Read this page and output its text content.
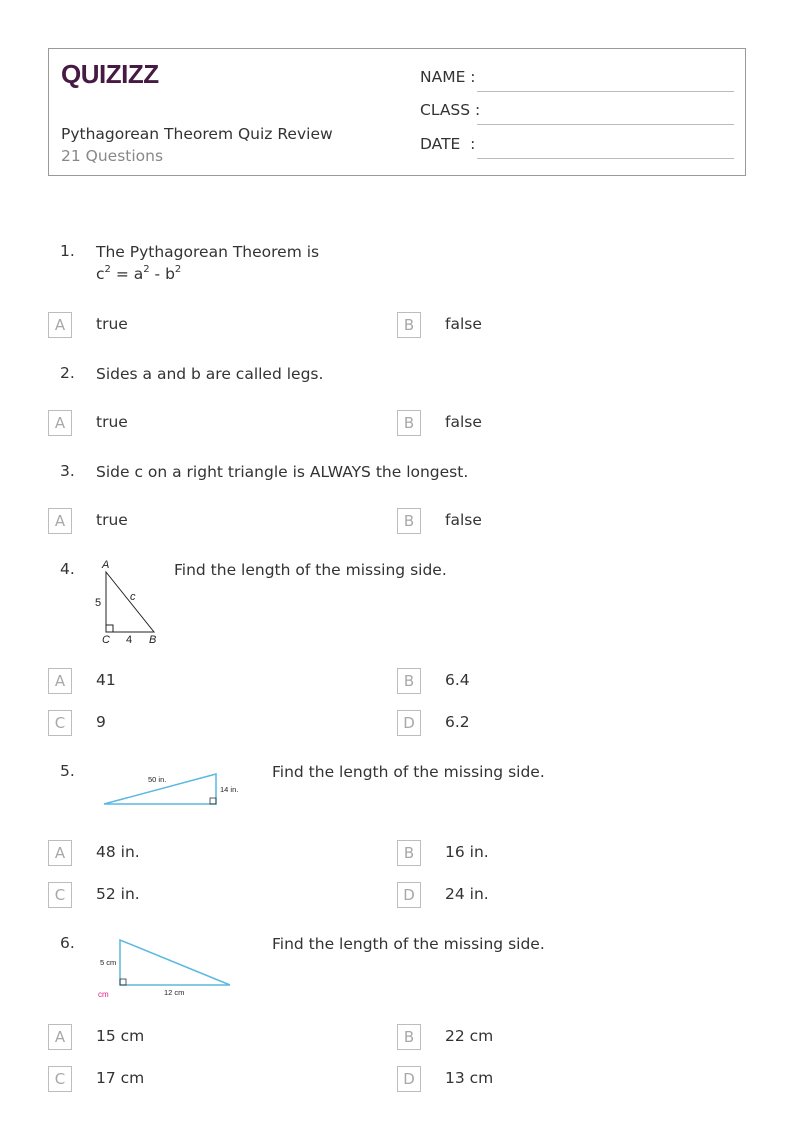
QUIZIZZ
Pythagorean Theorem Quiz Review
21 Questions
NAME :
CLASS :
DATE  :
1. The Pythagorean Theorem is
$c^2 = a^2 - b^2$
A	true	B	false
2. Sides a and b are called legs.
A	true	B	false
3. Side c on a right triangle is ALWAYS the longest.
A	true	B	false
4. A
c
5
C 4 B
Find the length of the missing side.
A	41	B	6.4
C	9	D	6.2
5.	50 in.
14 in.
Find the length of the missing side.
A	48 in.	B	16 in.
C	52 in.	D	24 in.
6.
5 cm
12 cm
cm
Find the length of the missing side.
A	15 cm	B	22 cm
C	17 cm	D	13 cm
